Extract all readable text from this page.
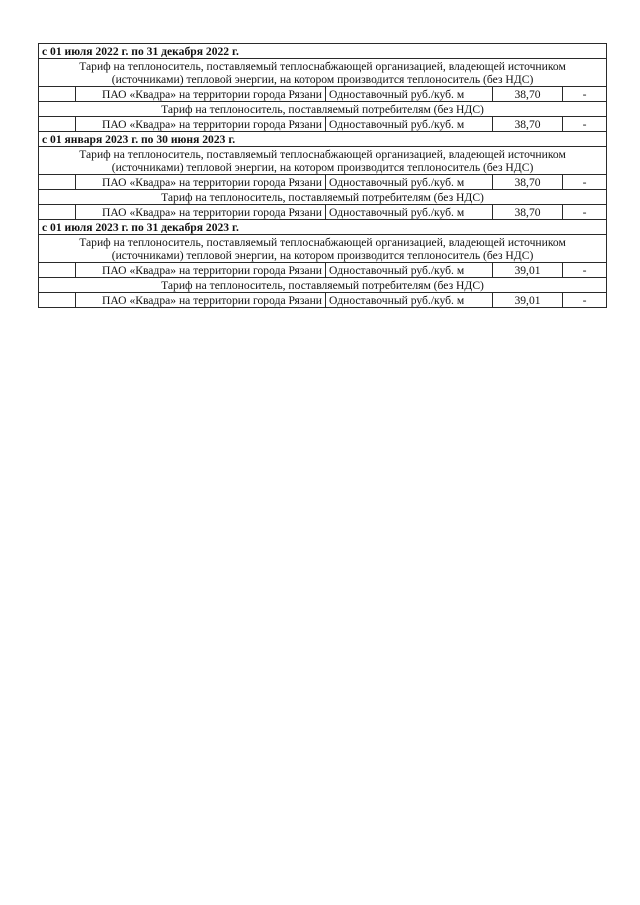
с 01 июля 2022 г. по 31 декабря 2022 г.				
Тариф на теплоноситель, поставляемый теплоснабжающей организацией, владеющей источником (источниками) тепловой энергии, на котором производится теплоноситель (без НДС)				
	ПАО «Квадра» на территории города Рязани	Одноставочный руб./куб. м	38,70	-
Тариф на теплоноситель, поставляемый потребителям (без НДС)				
	ПАО «Квадра» на территории города Рязани	Одноставочный руб./куб. м	38,70	-
с 01 января 2023 г. по 30 июня 2023 г.				
Тариф на теплоноситель, поставляемый теплоснабжающей организацией, владеющей источником (источниками) тепловой энергии, на котором производится теплоноситель (без НДС)				
	ПАО «Квадра» на территории города Рязани	Одноставочный руб./куб. м	38,70	-
Тариф на теплоноситель, поставляемый потребителям (без НДС)				
	ПАО «Квадра» на территории города Рязани	Одноставочный руб./куб. м	38,70	-
с 01 июля 2023 г. по 31 декабря 2023 г.				
Тариф на теплоноситель, поставляемый теплоснабжающей организацией, владеющей источником (источниками) тепловой энергии, на котором производится теплоноситель (без НДС)				
	ПАО «Квадра» на территории города Рязани	Одноставочный руб./куб. м	39,01	-
Тариф на теплоноситель, поставляемый потребителям (без НДС)				
	ПАО «Квадра» на территории города Рязани	Одноставочный руб./куб. м	39,01	-
